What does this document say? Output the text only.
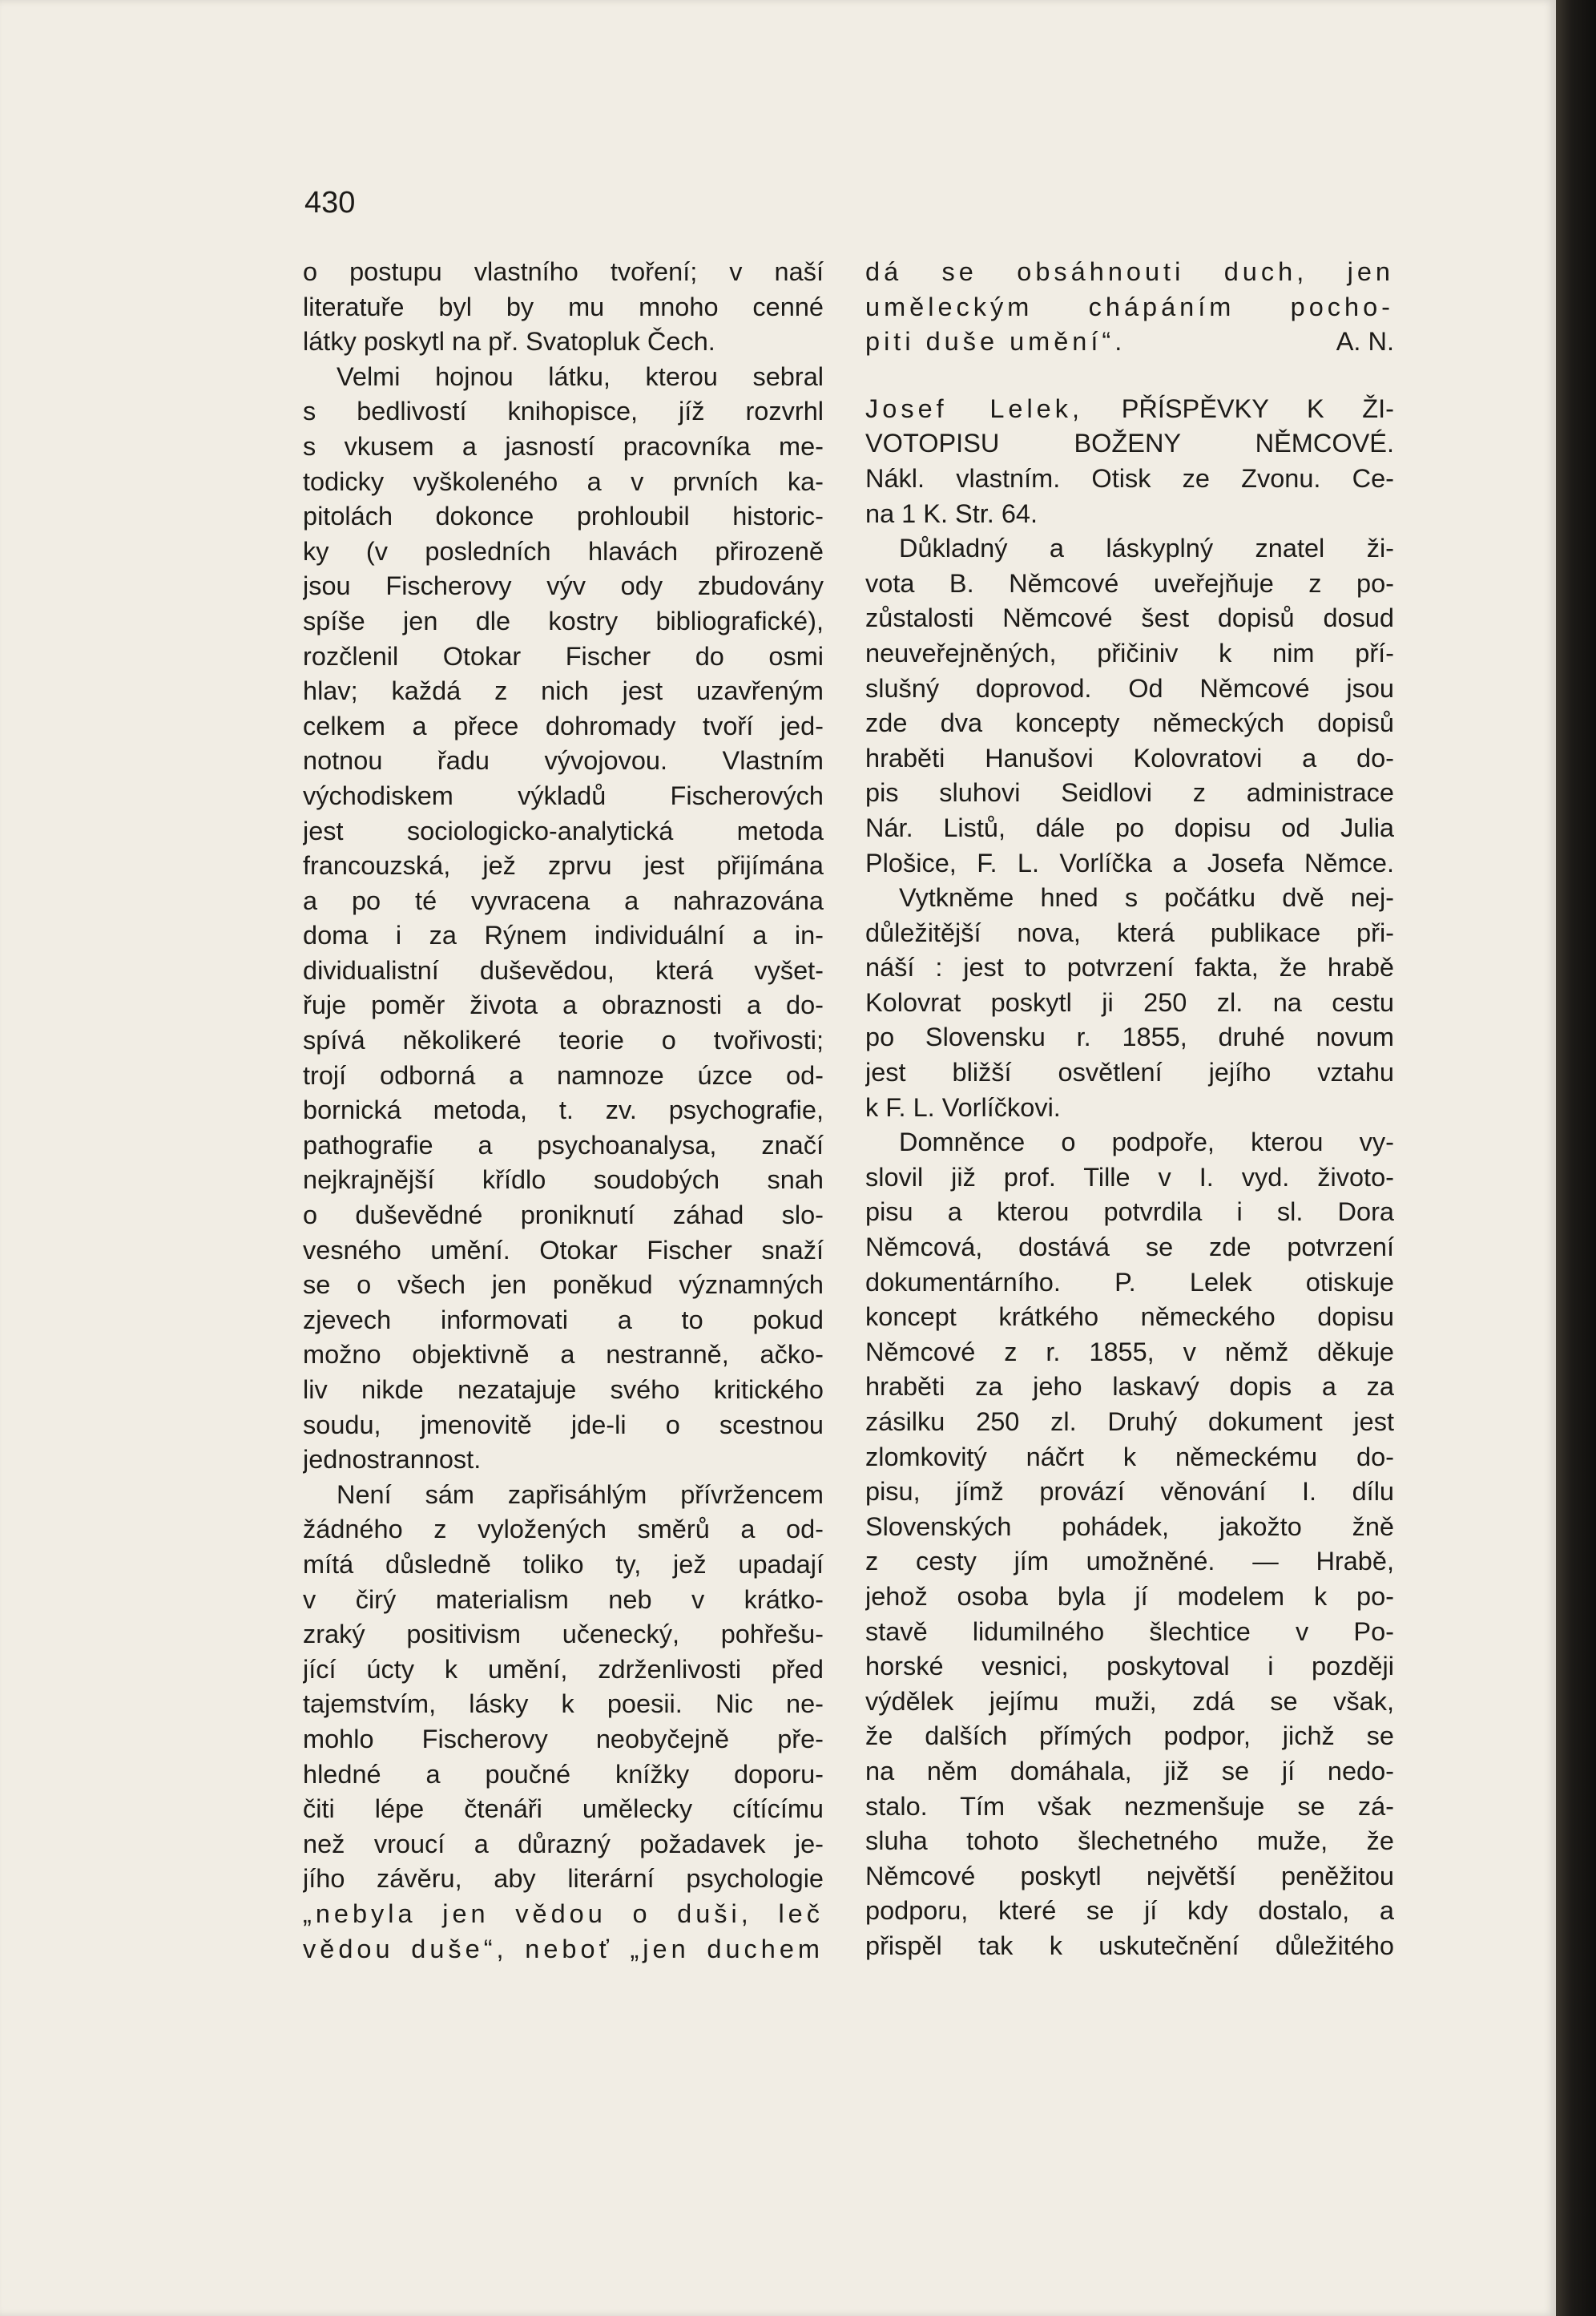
430
o postupu vlastního tvoření; v naší
literatuře byl by mu mnoho cenné
látky poskytl na př. Svatopluk Čech.
Velmi hojnou látku, kterou sebral
s bedlivostí knihopisce, jíž rozvrhl
s vkusem a jasností pracovníka me-
todicky vyškoleného a v prvních ka-
pitolách dokonce prohloubil historic-
ky (v posledních hlavách přirozeně
jsou Fischerovy výv ody zbudovány
spíše jen dle kostry bibliografické),
rozčlenil Otokar Fischer do osmi
hlav; každá z nich jest uzavřeným
celkem a přece dohromady tvoří jed-
notnou řadu vývojovou. Vlastním
východiskem výkladů Fischerových
jest sociologicko-analytická metoda
francouzská, jež zprvu jest přijímána
a po té vyvracena a nahrazována
doma i za Rýnem individuální a in-
dividualistní duševědou, která vyšet-
řuje poměr života a obraznosti a do-
spívá několikeré teorie o tvořivosti;
trojí odborná a namnoze úzce od-
bornická metoda, t. zv. psychografie,
pathografie a psychoanalysa, značí
nejkrajnější křídlo soudobých snah
o duševědné proniknutí záhad slo-
vesného umění. Otokar Fischer snaží
se o všech jen poněkud významných
zjevech informovati a to pokud
možno objektivně a nestranně, ačko-
liv nikde nezatajuje svého kritického
soudu, jmenovitě jde-li o scestnou
jednostrannost.
Není sám zapřisáhlým přívržencem
žádného z vyložených směrů a od-
mítá důsledně toliko ty, jež upadají
v čirý materialism neb v krátko-
zraký positivism učenecký, pohřešu-
jící úcty k umění, zdrženlivosti před
tajemstvím, lásky k poesii. Nic ne-
mohlo Fischerovy neobyčejně pře-
hledné a poučné knížky doporu-
čiti lépe čtenáři umělecky cítícímu
než vroucí a důrazný požadavek je-
jího závěru, aby literární psychologie
„nebyla jen vědou o duši, leč
vědou duše“, neboť „jen duchem
dá se obsáhnouti duch, jen
uměleckým chápáním pocho-
piti duše umění“.	A. N.
Josef Lelek, PŘÍSPĚVKY K ŽI-
VOTOPISU BOŽENY NĚMCOVÉ.
Nákl. vlastním. Otisk ze Zvonu. Ce-
na 1 K. Str. 64.
Důkladný a láskyplný znatel ži-
vota B. Němcové uveřejňuje z po-
zůstalosti Němcové šest dopisů dosud
neuveřejněných, přičiniv k nim pří-
slušný doprovod. Od Němcové jsou
zde dva koncepty německých dopisů
hraběti Hanušovi Kolovratovi a do-
pis sluhovi Seidlovi z administrace
Nár. Listů, dále po dopisu od Julia
Plošice, F. L. Vorlíčka a Josefa Němce.
Vytkněme hned s počátku dvě nej-
důležitější nova, která publikace při-
náší : jest to potvrzení fakta, že hrabě
Kolovrat poskytl ji 250 zl. na cestu
po Slovensku r. 1855, druhé novum
jest bližší osvětlení jejího vztahu
k F. L. Vorlíčkovi.
Domněnce o podpoře, kterou vy-
slovil již prof. Tille v I. vyd. životo-
pisu a kterou potvrdila i sl. Dora
Němcová, dostává se zde potvrzení
dokumentárního. P. Lelek otiskuje
koncept krátkého německého dopisu
Němcové z r. 1855, v němž děkuje
hraběti za jeho laskavý dopis a za
zásilku 250 zl. Druhý dokument jest
zlomkovitý náčrt k německému do-
pisu, jímž provází věnování I. dílu
Slovenských pohádek, jakožto žně
z cesty jím umožněné. — Hrabě,
jehož osoba byla jí modelem k po-
stavě lidumilného šlechtice v Po-
horské vesnici, poskytoval i později
výdělek jejímu muži, zdá se však,
že dalších přímých podpor, jichž se
na něm domáhala, již se jí nedo-
stalo. Tím však nezmenšuje se zá-
sluha tohoto šlechetného muže, že
Němcové poskytl největší peněžitou
podporu, které se jí kdy dostalo, a
přispěl tak k uskutečnění důležitého
